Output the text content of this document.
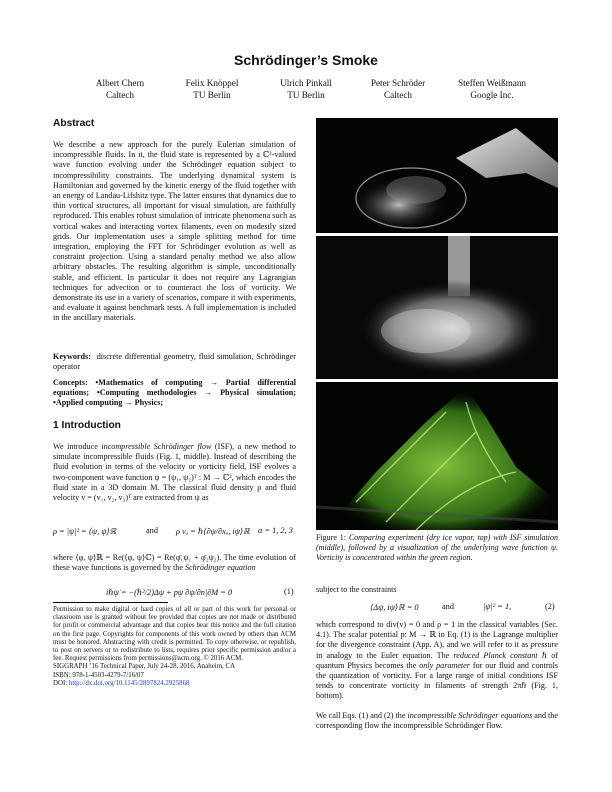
Schrödinger’s Smoke
Albert Chern
Caltech
Felix Knöppel
TU Berlin
Ulrich Pinkall
TU Berlin
Peter Schröder
Caltech
Steffen Weißmann
Google Inc.
Abstract

We describe a new approach for the purely Eulerian simulation of incompressible fluids. In it, the fluid state is represented by a ℂ²-valued wave function evolving under the Schrödinger equation subject to incompressibility constraints. The underlying dynamical system is Hamiltonian and governed by the kinetic energy of the fluid together with an energy of Landau-Lifshitz type. The latter ensures that dynamics due to thin vortical structures, all important for visual simulation, are faithfully reproduced. This enables robust simulation of intricate phenomena such as vortical wakes and interacting vortex filaments, even on modestly sized grids. Our implementation uses a simple splitting method for time integration, employing the FFT for Schrödinger evolution as well as constraint projection. Using a standard penalty method we also allow arbitrary obstacles. The resulting algorithm is simple, unconditionally stable, and efficient. In particular it does not require any Lagrangian techniques for advection or to counteract the loss of vorticity. We demonstrate its use in a variety of scenarios, compare it with experiments, and evaluate it against benchmark tests. A full implementation is included in the ancillary materials.

Keywords: discrete differential geometry, fluid simulation, Schrödinger operator

Concepts: •Mathematics of computing → Partial differential equations; •Computing methodologies → Physical simulation; •Applied computing → Physics;

1 Introduction

We introduce incompressible Schrödinger flow (ISF), a new method to simulate incompressible fluids (Fig. 1, middle). Instead of describing the fluid evolution in terms of the velocity or vorticity field, ISF evolves a two-component wave function ψ = (ψ₁, ψ₂)ᵀ : M → ℂ², which encodes the fluid state in a 3D domain M. The classical fluid density ρ and fluid velocity v = (v₁, v₂, v₃)ᵀ are extracted from ψ as

ρ = |ψ|² = ⟨ψ, ψ⟩ℝ	and ρ vₐ = ℏ⟨∂ψ/∂xₐ, iψ⟩ℝ α = 1, 2, 3

where ⟨φ, ψ⟩ℝ = Re(⟨φ, ψ⟩ℂ) = Re(φ̄₁ψ₁ + φ̄₂ψ₂). The time evolution of these wave functions is governed by the Schrödinger equation

iℏψ̇ = −(ℏ²/2)Δψ + pψ ∂ψ/∂n|∂M = 0	(1)

Permission to make digital or hard copies of all or part of this work for personal or classroom use is granted without fee provided that copies are not made or distributed for profit or commercial advantage and that copies bear this notice and the full citation on the first page. Copyrights for components of this work owned by others than ACM must be honored. Abstracting with credit is permitted. To copy otherwise, or republish, to post on servers or to redistribute to lists, requires prior specific permission and/or a fee. Request permissions from permissions@acm.org. © 2016 ACM.

SIGGRAPH ’16 Technical Paper, July 24-28, 2016, Anaheim, CA

ISBN: 978-1-4503-4279-7/16/07

DOI: http://dx.doi.org/10.1145/2897824.2925868

Figure 1: Comparing experiment (dry ice vapor, top) with ISF simulation (middle), followed by a visualization of the underlying wave function ψ. Vorticity is concentrated within the green region.

subject to the constraints

⟨Δψ, iψ⟩ℝ = 0	and	|ψ|² = 1,	(2)

which correspond to div(v) = 0 and ρ = 1 in the classical variables (Sec. 4.1). The scalar potential p: M → ℝ in Eq. (1) is the Lagrange multiplier for the divergence constraint (App. A), and we will refer to it as pressure in analogy to the Euler equation. The reduced Planck constant ℏ of quantum Physics becomes the only parameter for our fluid and controls the quantization of vorticity. For a large range of initial conditions ISF tends to concentrate vorticity in filaments of strength 2πℏ (Fig. 1, bottom).

We call Eqs. (1) and (2) the incompressible Schrödinger equations and the corresponding flow the incompressible Schrödinger flow.
